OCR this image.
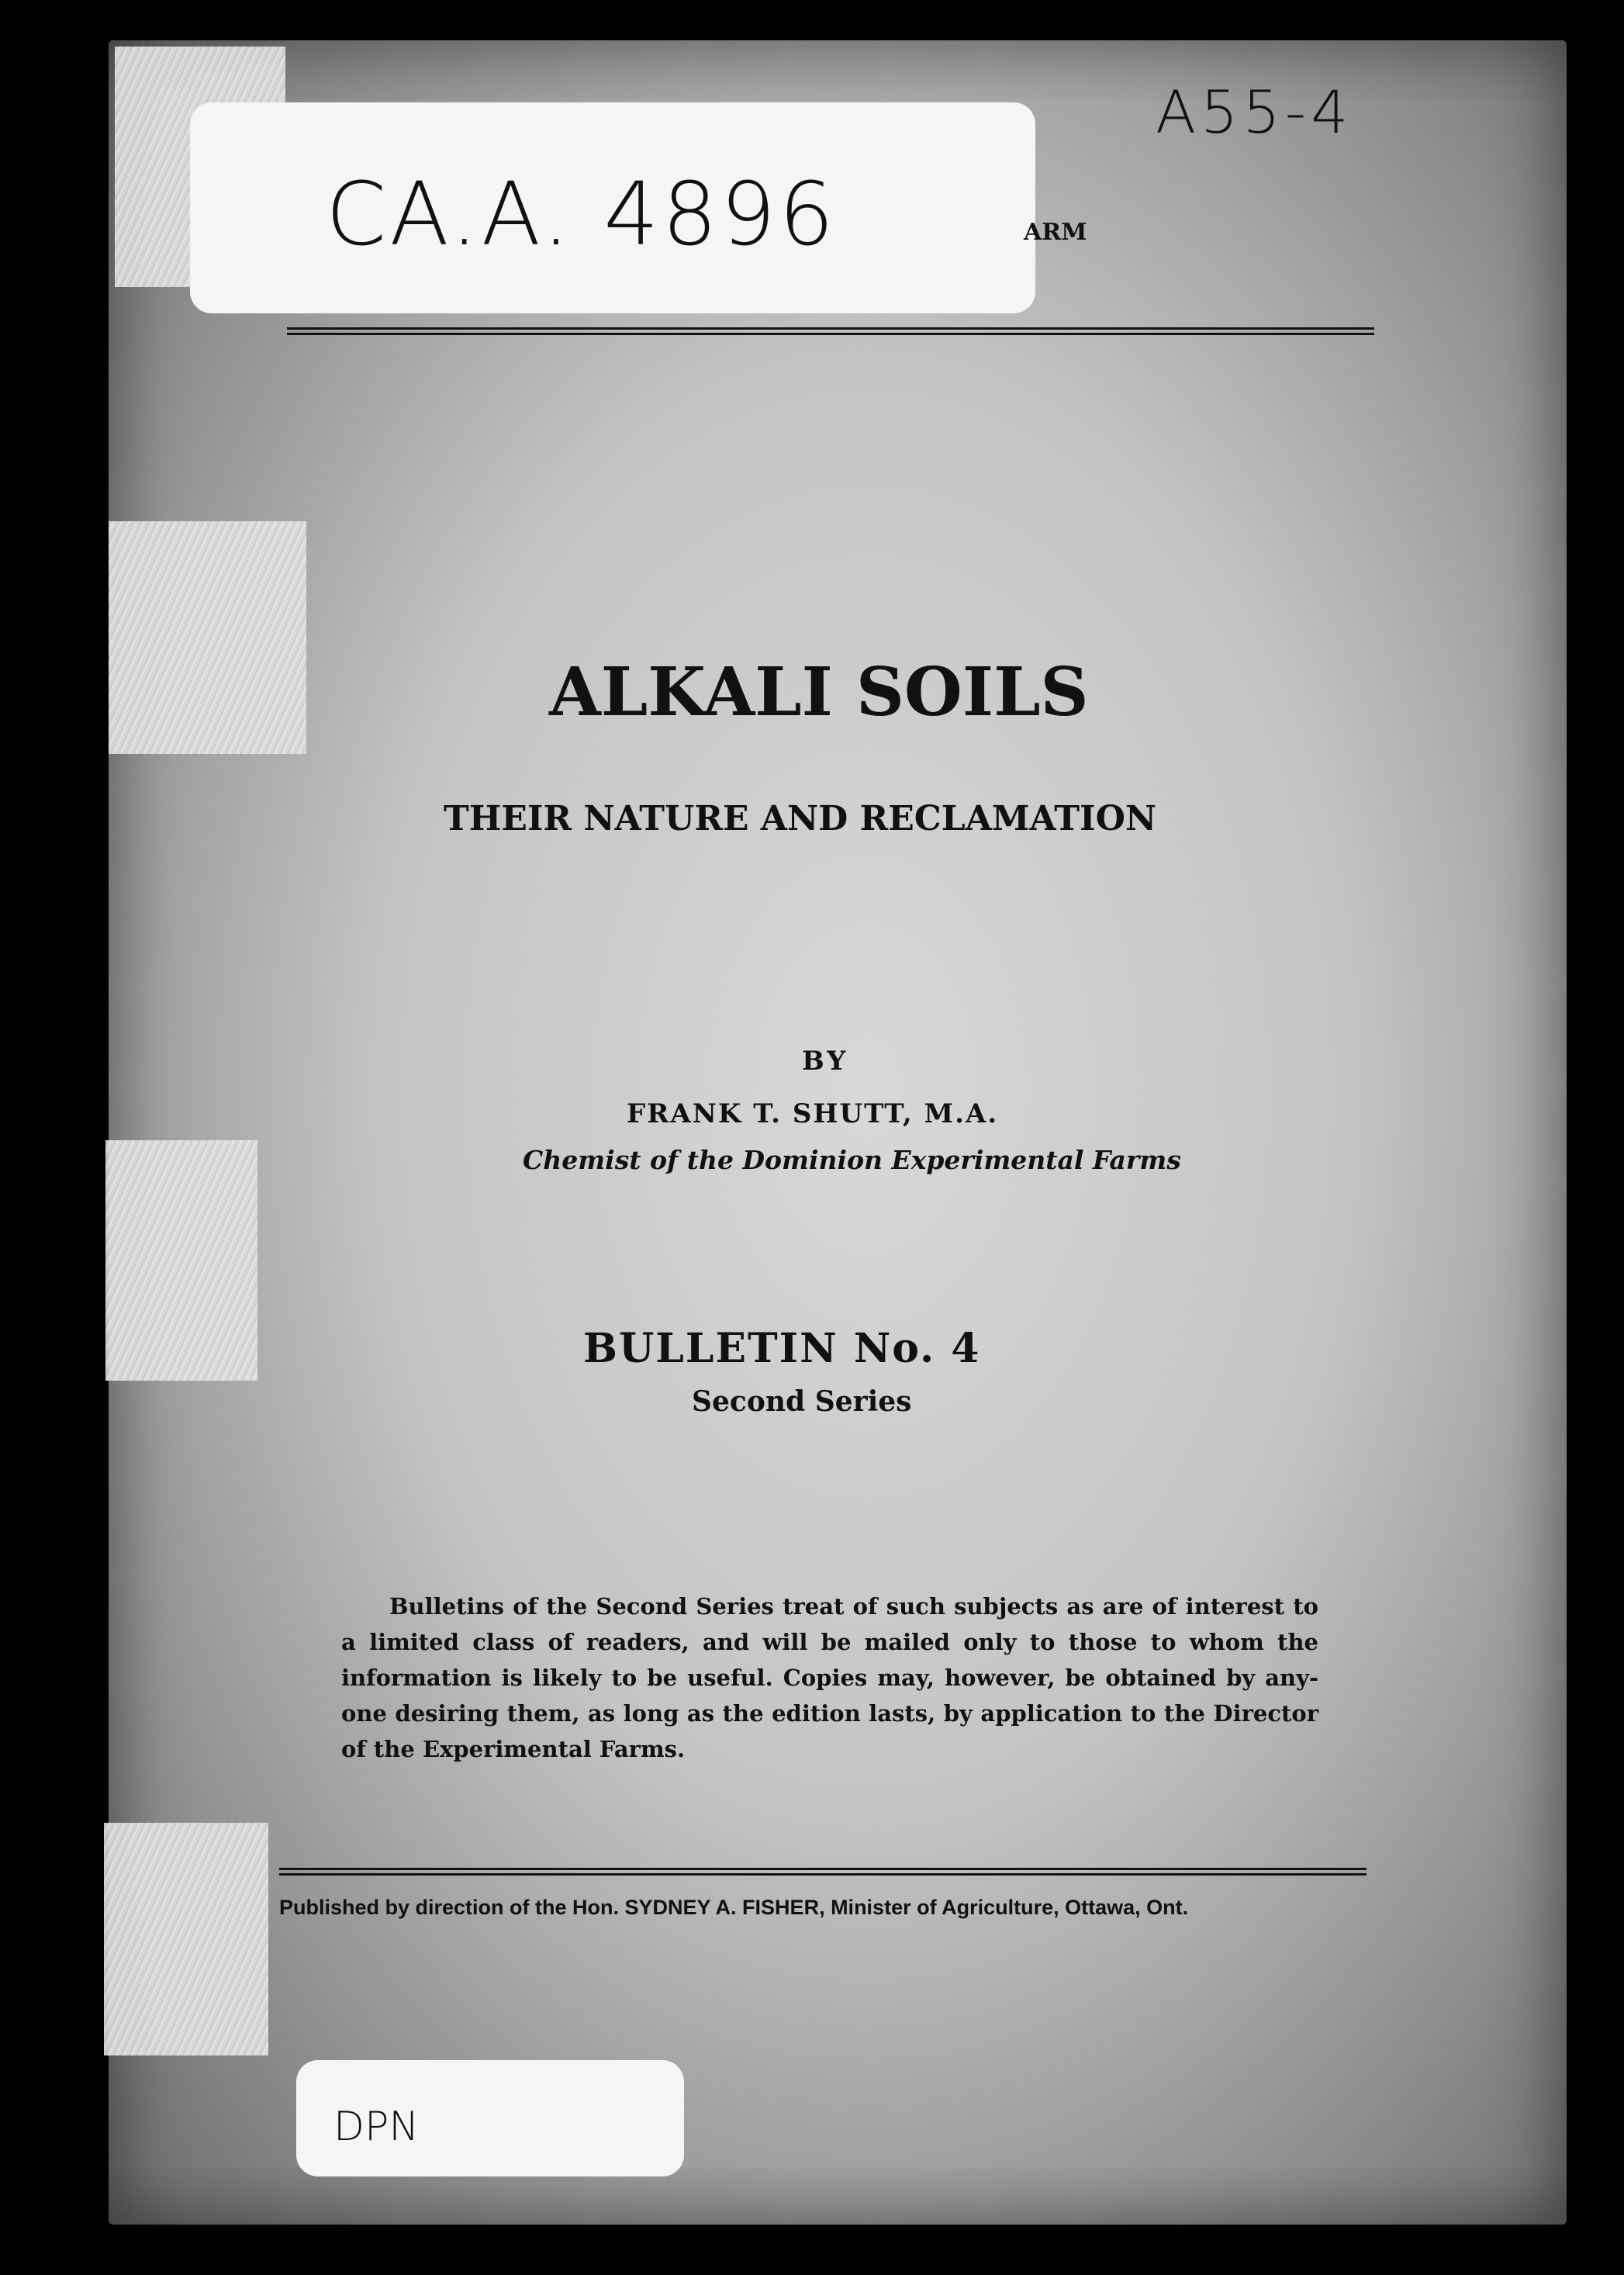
CA.A. 4896
A55-4
ARM
ALKALI SOILS
THEIR NATURE AND RECLAMATION
BY
FRANK T. SHUTT, M.A.
Chemist of the Dominion Experimental Farms
BULLETIN No. 4
Second Series
Bulletins of the Second Series treat of such subjects as are of interest to a limited class of readers, and will be mailed only to those to whom the information is likely to be useful. Copies may, however, be obtained by any-one desiring them, as long as the edition lasts, by application to the Director of the Experimental Farms.
Published by direction of the Hon. SYDNEY A. FISHER, Minister of Agriculture, Ottawa, Ont.
DPN
